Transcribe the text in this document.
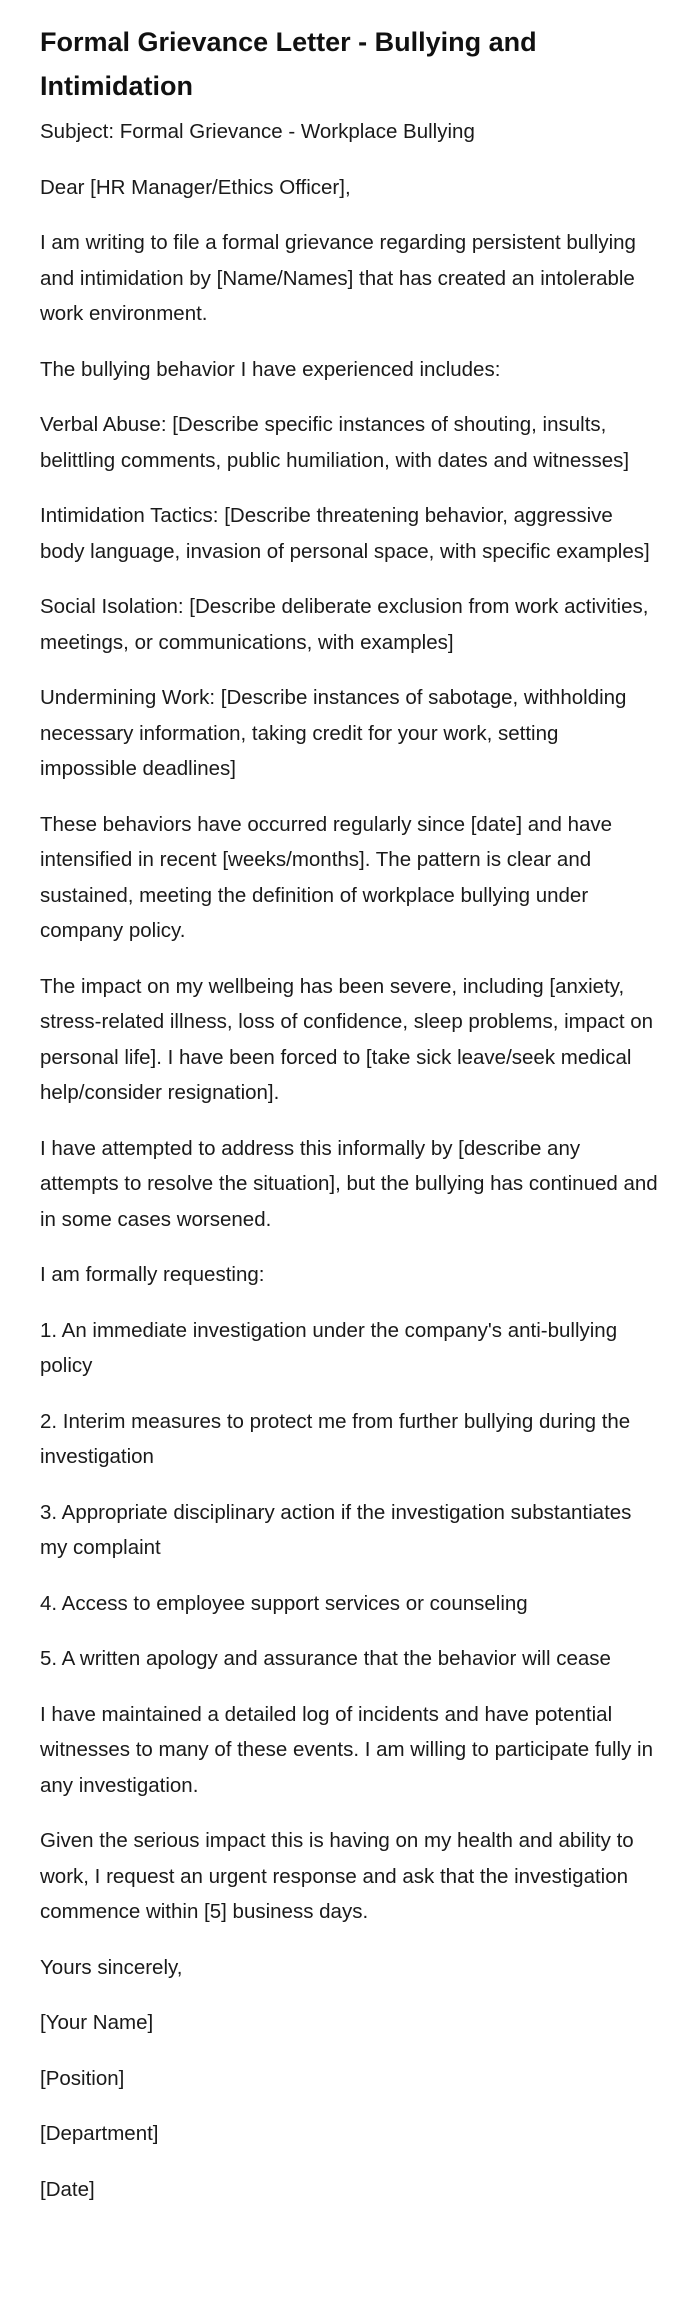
Formal Grievance Letter - Bullying and Intimidation

Subject: Formal Grievance - Workplace Bullying

Dear [HR Manager/Ethics Officer],

I am writing to file a formal grievance regarding persistent bullying and intimidation by [Name/Names] that has created an intolerable work environment.

The bullying behavior I have experienced includes:

Verbal Abuse: [Describe specific instances of shouting, insults, belittling comments, public humiliation, with dates and witnesses]

Intimidation Tactics: [Describe threatening behavior, aggressive body language, invasion of personal space, with specific examples]

Social Isolation: [Describe deliberate exclusion from work activities, meetings, or communications, with examples]

Undermining Work: [Describe instances of sabotage, withholding necessary information, taking credit for your work, setting impossible deadlines]

These behaviors have occurred regularly since [date] and have intensified in recent [weeks/months]. The pattern is clear and sustained, meeting the definition of workplace bullying under company policy.

The impact on my wellbeing has been severe, including [anxiety, stress-related illness, loss of confidence, sleep problems, impact on personal life]. I have been forced to [take sick leave/seek medical help/consider resignation].

I have attempted to address this informally by [describe any attempts to resolve the situation], but the bullying has continued and in some cases worsened.

I am formally requesting:

1. An immediate investigation under the company's anti-bullying policy

2. Interim measures to protect me from further bullying during the investigation

3. Appropriate disciplinary action if the investigation substantiates my complaint

4. Access to employee support services or counseling

5. A written apology and assurance that the behavior will cease

I have maintained a detailed log of incidents and have potential witnesses to many of these events. I am willing to participate fully in any investigation.

Given the serious impact this is having on my health and ability to work, I request an urgent response and ask that the investigation commence within [5] business days.

Yours sincerely,

[Your Name]

[Position]

[Department]

[Date]
